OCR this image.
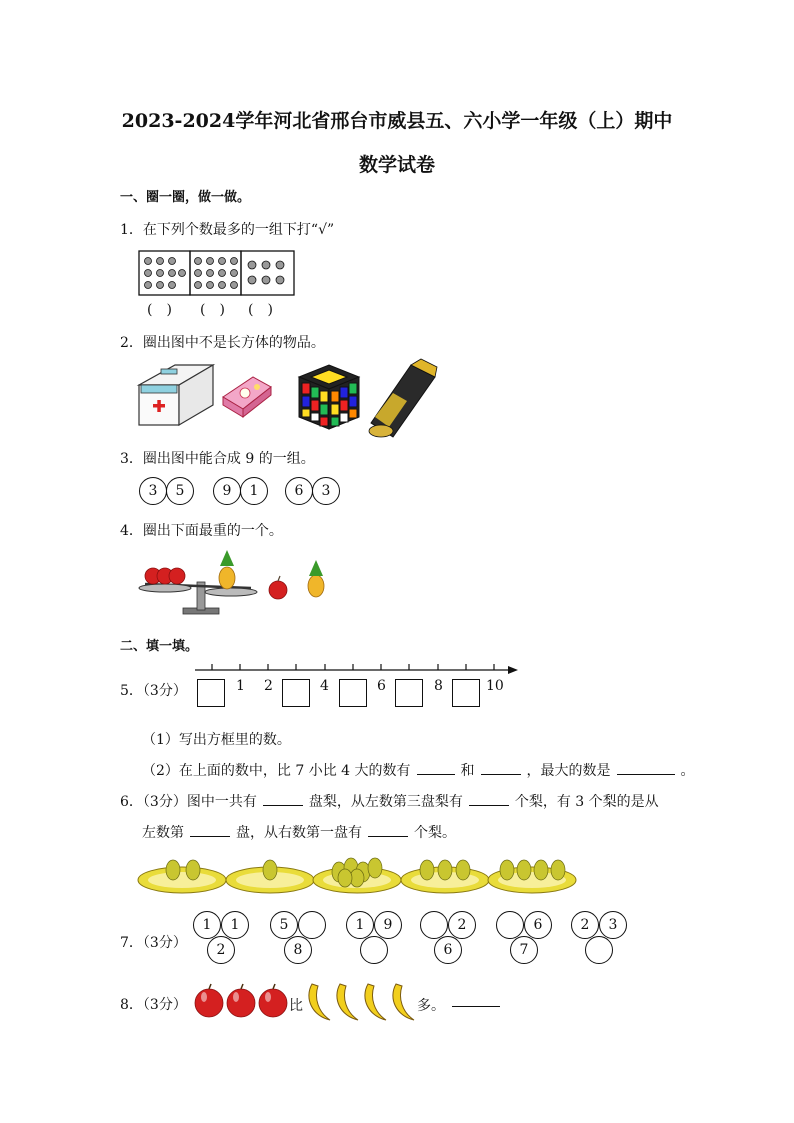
2023-2024学年河北省邢台市威县五、六小学一年级（上）期中
数学试卷
一、圈一圈，做一做。
1．在下列个数最多的一组下打“√”
(　) (　) (　)
2．圈出图中不是长方体的物品。
3．圈出图中能合成 9 的一组。
3	5	9	1	6	3
4．圈出下面最重的一个。
二、填一填。
5．（3分）	1 2	4	6	8	10
（1）写出方框里的数。
（2）在上面的数中，比 7 小比 4 大的数有	和	，最大的数是	。
6．（3分）图中一共有	盘梨，从左数第三盘梨有	个梨，有 3 个梨的是从
左数第	盘，从右数第一盘有	个梨。
7．（3分）
1	1
2
5
8
1	9	2
6
6
7
2	3
8．（3分）	比	多。
